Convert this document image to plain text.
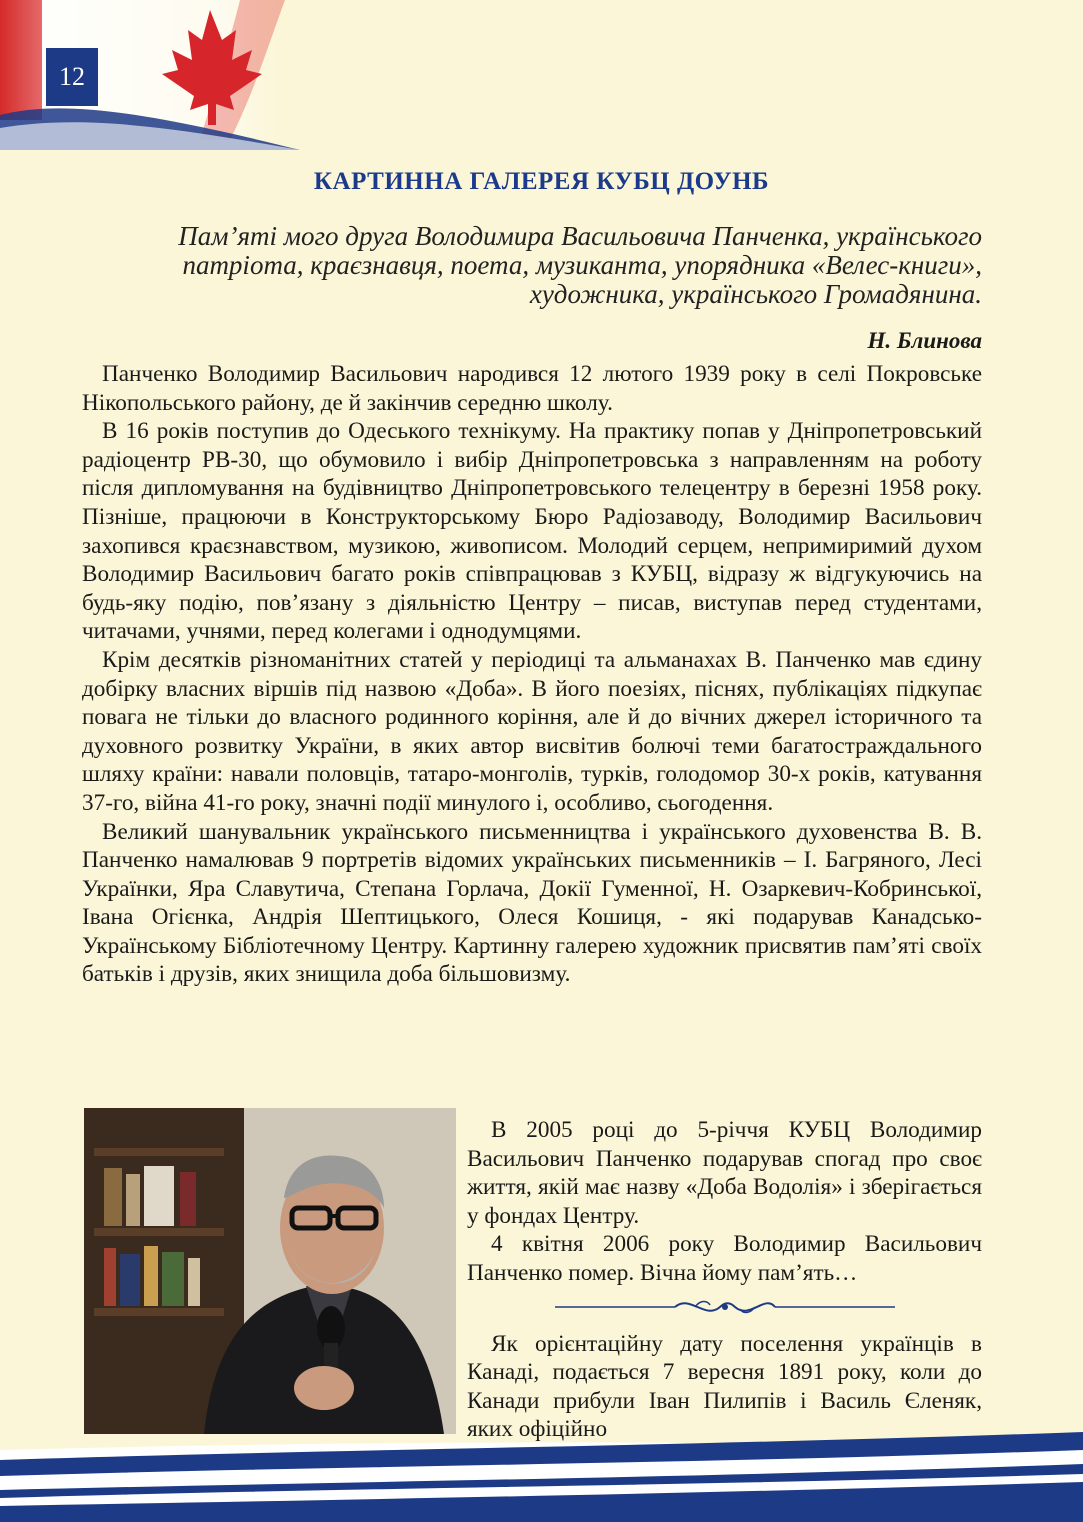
12
КАРТИННА ГАЛЕРЕЯ КУБЦ ДОУНБ
Пам’яті мого друга Володимира Васильовича Панченка, українського
патріота, краєзнавця, поета, музиканта, упорядника «Велес-книги»,
художника, українського Громадянина.
Н. Блинова

Панченко Володимир Васильович народився 12 лютого 1939 року в селі Покровське Нікопольського району, де й закінчив середню школу.

В 16 років поступив до Одеського технікуму. На практику попав у Дніпропетровський радіоцентр РВ-30, що обумовило і вибір Дніпропетровська з направленням на роботу після дипломування на будівництво Дніпропетровського телецентру в березні 1958 року. Пізніше, працюючи в Конструкторському Бюро Радіозаводу, Володимир Васильович захопився краєзнавством, музикою, живописом. Молодий серцем, непримиримий духом Володимир Васильович багато років співпрацював з КУБЦ, відразу ж відгукуючись на будь-яку подію, пов’язану з діяльністю Центру – писав, виступав перед студентами, читачами, учнями, перед колегами і однодумцями.

Крім десятків різноманітних статей у періодиці та альманахах В. Панченко мав єдину добірку власних віршів під назвою «Доба». В його поезіях, піснях, публікаціях підкупає повага не тільки до власного родинного коріння, але й до вічних джерел історичного та духовного розвитку України, в яких автор висвітив болючі теми багатостраждального шляху країни: навали половців, татаро-монголів, турків, голодомор 30-х років, катування 37-го, війна 41-го року, значні події минулого і, особливо, сьогодення.

Великий шанувальник українського письменництва і українського духовенства В. В. Панченко намалював 9 портретів відомих українських письменників – І. Багряного, Лесі Українки, Яра Славутича, Степана Горлача, Докії Гуменної, Н. Озаркевич-Кобринської, Івана Огієнка, Андрія Шептицького, Олеся Кошиця, - які подарував Канадсько-Українському Бібліотечному Центру. Картинну галерею художник присвятив пам’яті своїх батьків і друзів, яких знищила доба більшовизму.

В 2005 році до 5-річчя КУБЦ Володимир Васильович Панченко подарував спогад про своє життя, якій має назву «Доба Водолія» і зберігається у фондах Центру.

4 квітня 2006 року Володимир Васильович Панченко помер. Вічна йому пам’ять…

Як орієнтаційну дату поселення українців в Канаді, подається 7 вересня 1891 року, коли до Канади прибули Іван Пилипів і Василь Єленяк, яких офіційно
